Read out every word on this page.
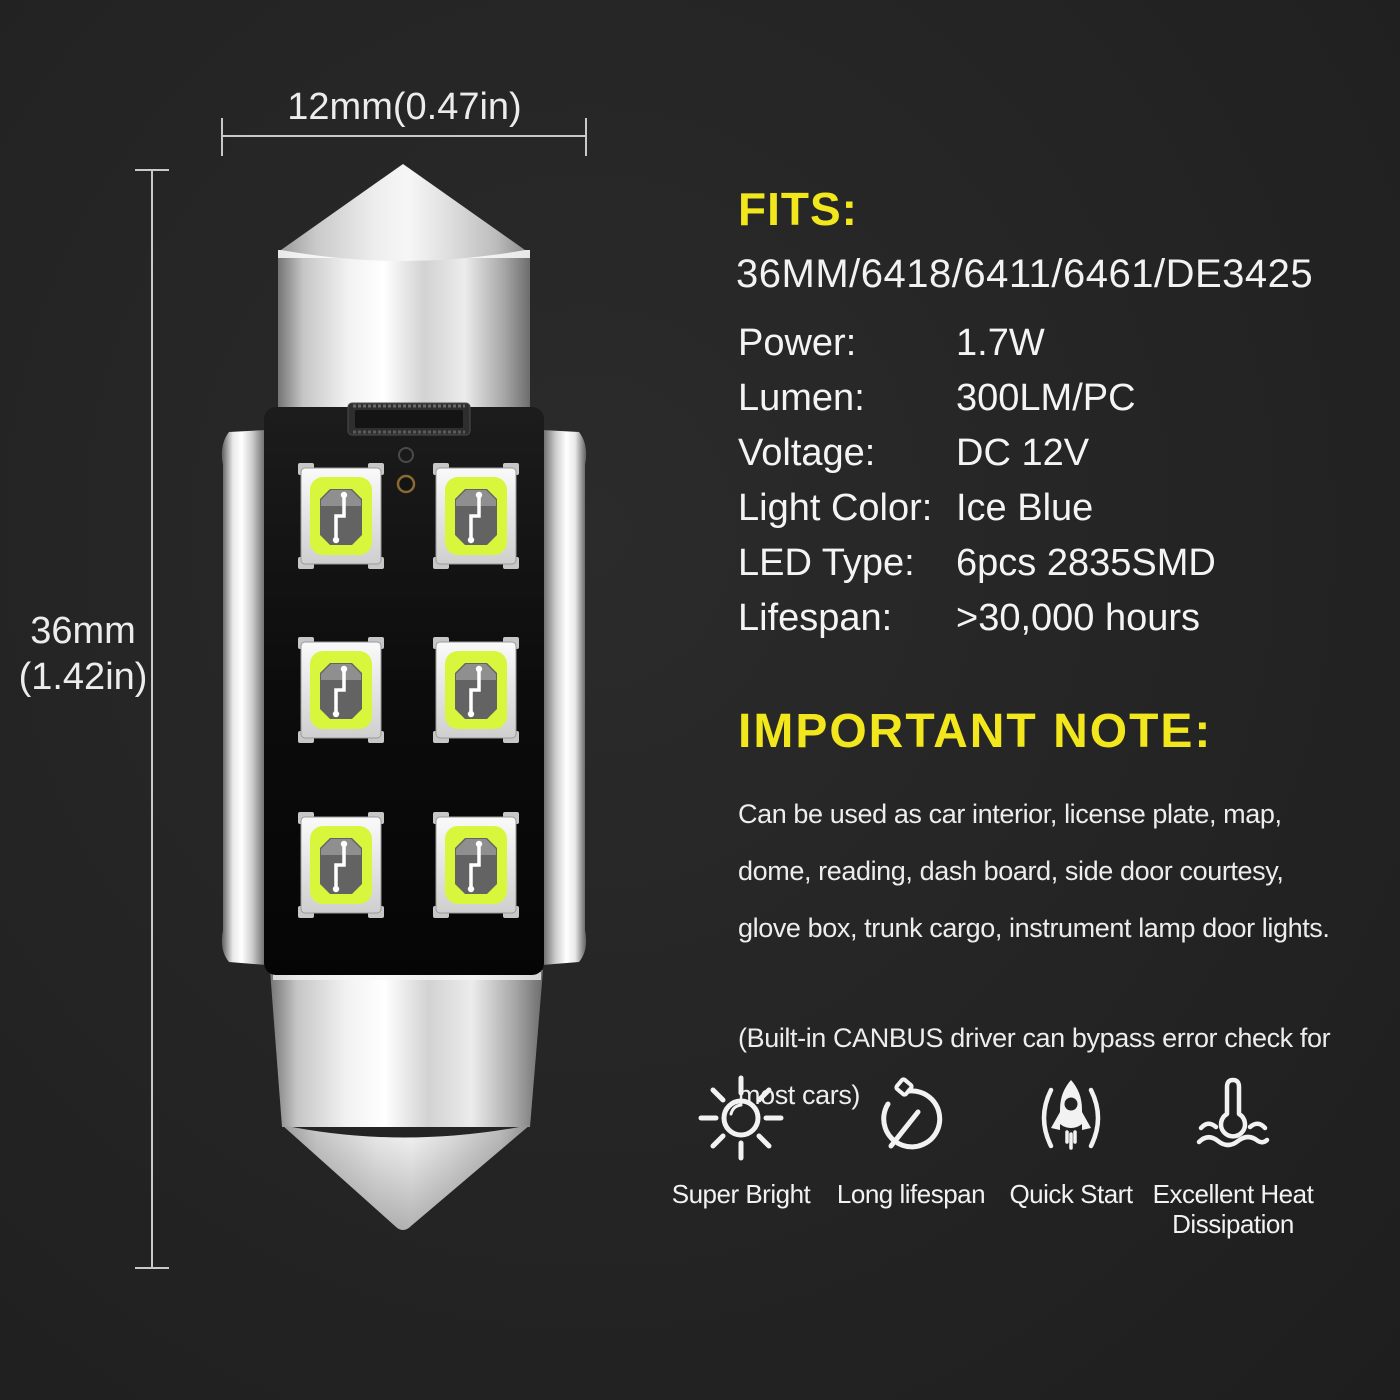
12mm(0.47in)
36mm
(1.42in)
FITS:
36MM/6418/6411/6461/DE3425
Power:	1.7W
Lumen:	300LM/PC
Voltage:	DC 12V
Light Color: Ice Blue
LED Type:	6pcs 2835SMD
Lifespan:	>30,000 hours
IMPORTANT NOTE:
Can be used as car interior, license plate, map,
dome, reading, dash board, side door courtesy,
glove box, trunk cargo, instrument lamp door lights.
(Built-in CANBUS driver can bypass error check for
most cars)
Super Bright	Long lifespan Quick Start Excellent Heat Dissipation
